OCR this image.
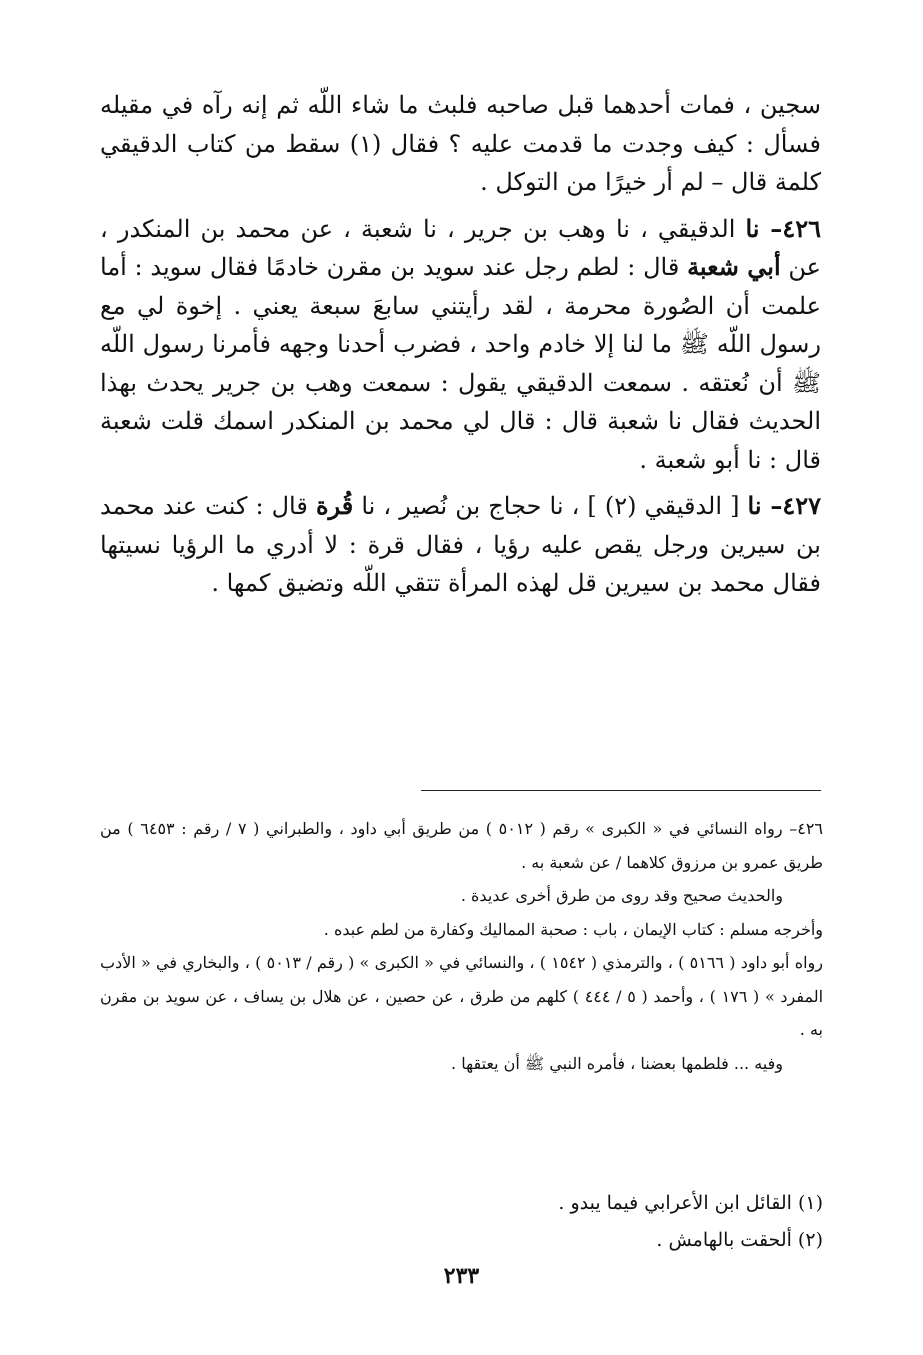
سجين ، فمات أحدهما قبل صاحبه فلبث ما شاء اللّه ثم إنه رآه في مقيله فسأل : كيف وجدت ما قدمت عليه ؟ فقال (١) سقط من كتاب الدقيقي كلمة قال – لم أر خيرًا من التوكل .

٤٢٦– نا الدقيقي ، نا وهب بن جرير ، نا شعبة ، عن محمد بن المنكدر ، عن أبي شعبة قال : لطم رجل عند سويد بن مقرن خادمًا فقال سويد : أما علمت أن الصُورة محرمة ، لقد رأيتني سابعَ سبعة يعني . إخوة لي مع رسول اللّه ﷺ ما لنا إلا خادم واحد ، فضرب أحدنا وجهه فأمرنا رسول اللّه ﷺ أن نُعتقه . سمعت الدقيقي يقول : سمعت وهب بن جرير يحدث بهذا الحديث فقال نا شعبة قال : قال لي محمد بن المنكدر اسمك قلت شعبة قال : نا أبو شعبة .

٤٢٧– نا [ الدقيقي (٢) ] ، نا حجاج بن نُصير ، نا قُرة قال : كنت عند محمد بن سيرين ورجل يقص عليه رؤيا ، فقال قرة : لا أدري ما الرؤيا نسيتها فقال محمد بن سيرين قل لهذه المرأة تتقي اللّه وتضيق كمها .

٤٢٦– رواه النسائي في « الكبرى » رقم ( ٥٠١٢ ) من طريق أبي داود ، والطبراني ( ٧ / رقم : ٦٤٥٣ ) من طريق عمرو بن مرزوق كلاهما / عن شعبة به .

والحديث صحيح وقد روى من طرق أخرى عديدة .

وأخرجه مسلم : كتاب الإيمان ، باب : صحبة المماليك وكفارة من لطم عبده .

رواه أبو داود ( ٥١٦٦ ) ، والترمذي ( ١٥٤٢ ) ، والنسائي في « الكبرى » ( رقم / ٥٠١٣ ) ، والبخاري في « الأدب المفرد » ( ١٧٦ ) ، وأحمد ( ٥ / ٤٤٤ ) كلهم من طرق ، عن حصين ، عن هلال بن يساف ، عن سويد بن مقرن به .

وفيه ... فلطمها بعضنا ، فأمره النبي ﷺ أن يعتقها .

(١) القائل ابن الأعرابي فيما يبدو .

(٢) ألحقت بالهامش .

٢٣٣
